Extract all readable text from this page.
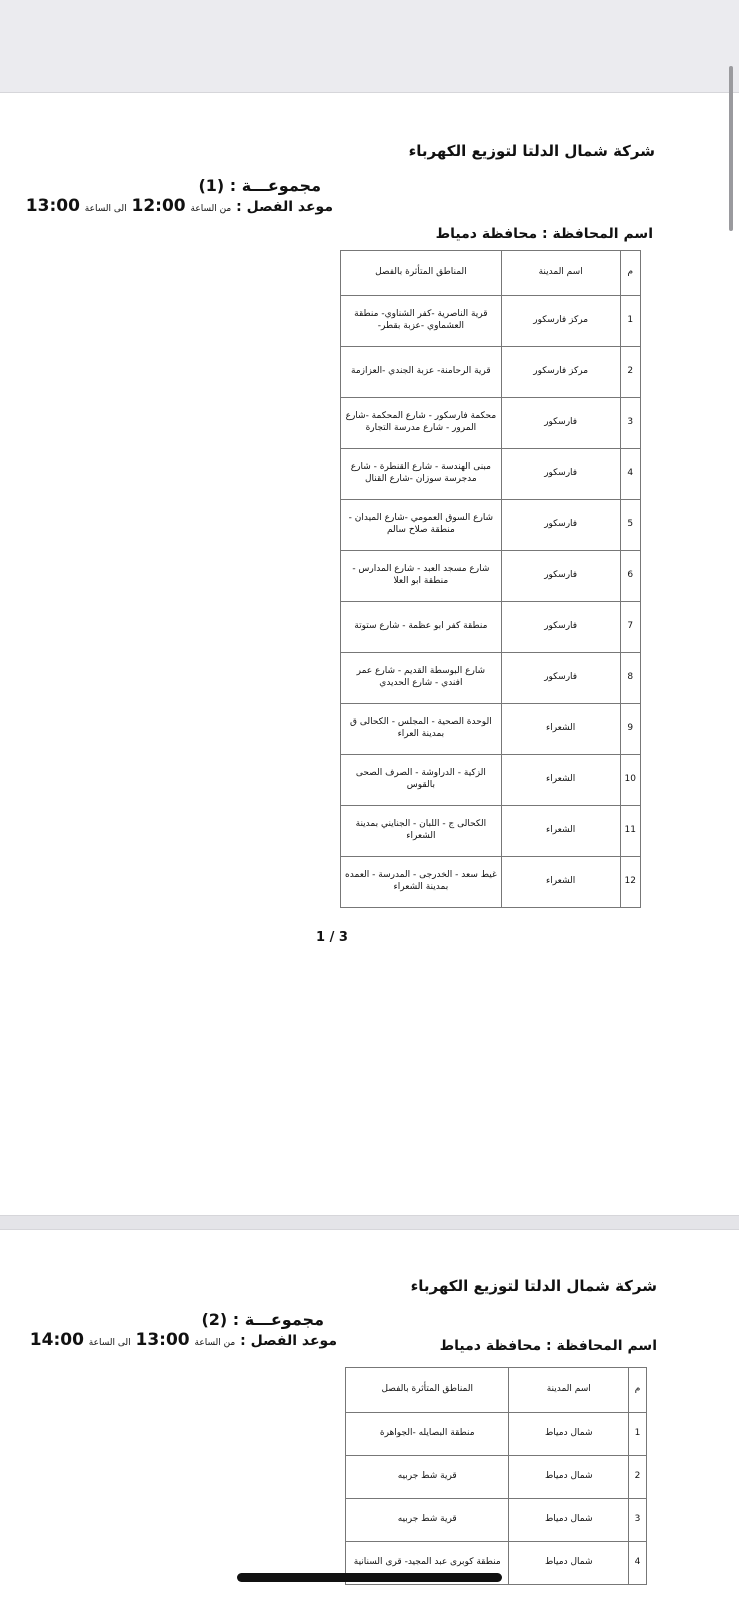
شركة شمال الدلتا لتوزيع الكهرباء
مجموعـــة : (1)
موعد الفصل : من الساعة 12:00 الى الساعة 13:00
اسم المحافظة : محافظة دمياط
م	اسم المدينة	المناطق المتأثرة بالفصل
1	مركز فارسكور	قرية الناصرية -كفر الشناوي- منطقة العشماوي -عزبة بقطر-
2	مركز فارسكور	قرية الرحامنة- عزبة الجندي -العزازمة
3	فارسكور	محكمة فارسكور - شارع المحكمة -شارع المرور - شارع مدرسة التجارة
4	فارسكور	مبنى الهندسة - شارع القنطرة - شارع مدجرسة سوزان -شارع القنال
5	فارسكور	شارع السوق العمومي -شارع الميدان - منطقة صلاح سالم
6	فارسكور	شارع مسجد العبد - شارع المدارس - منطقة ابو العلا
7	فارسكور	منطقة كفر ابو عظمة - شارع ستوتة
8	فارسكور	شارع البوسطة القديم - شارع عمر افندي - شارع الحديدي
9	الشعراء	الوحدة الصحية - المجلس - الكحالى ق بمدينة العراء
10	الشعراء	الزكية - الدراوشة - الصرف الصحى بالقوس
11	الشعراء	الكحالى ج - اللبان - الجنايني بمدينة الشعراء
12	الشعراء	غيط سعد - الخدرجى - المدرسة - العمده بمدينة الشعراء
1 / 3
شركة شمال الدلتا لتوزيع الكهرباء
مجموعـــة : (2)
موعد الفصل : من الساعة 13:00 الى الساعة 14:00	اسم المحافظة : محافظة دمياط
م	اسم المدينة	المناطق المتأثرة بالفصل
1	شمال دمياط	منطقة البصايله -الجواهرة
2	شمال دمياط	قرية شط جربيه
3	شمال دمياط	قرية شط جربيه
4	شمال دمياط	منطقة كوبرى عبد المجيد- قرى السنانية
